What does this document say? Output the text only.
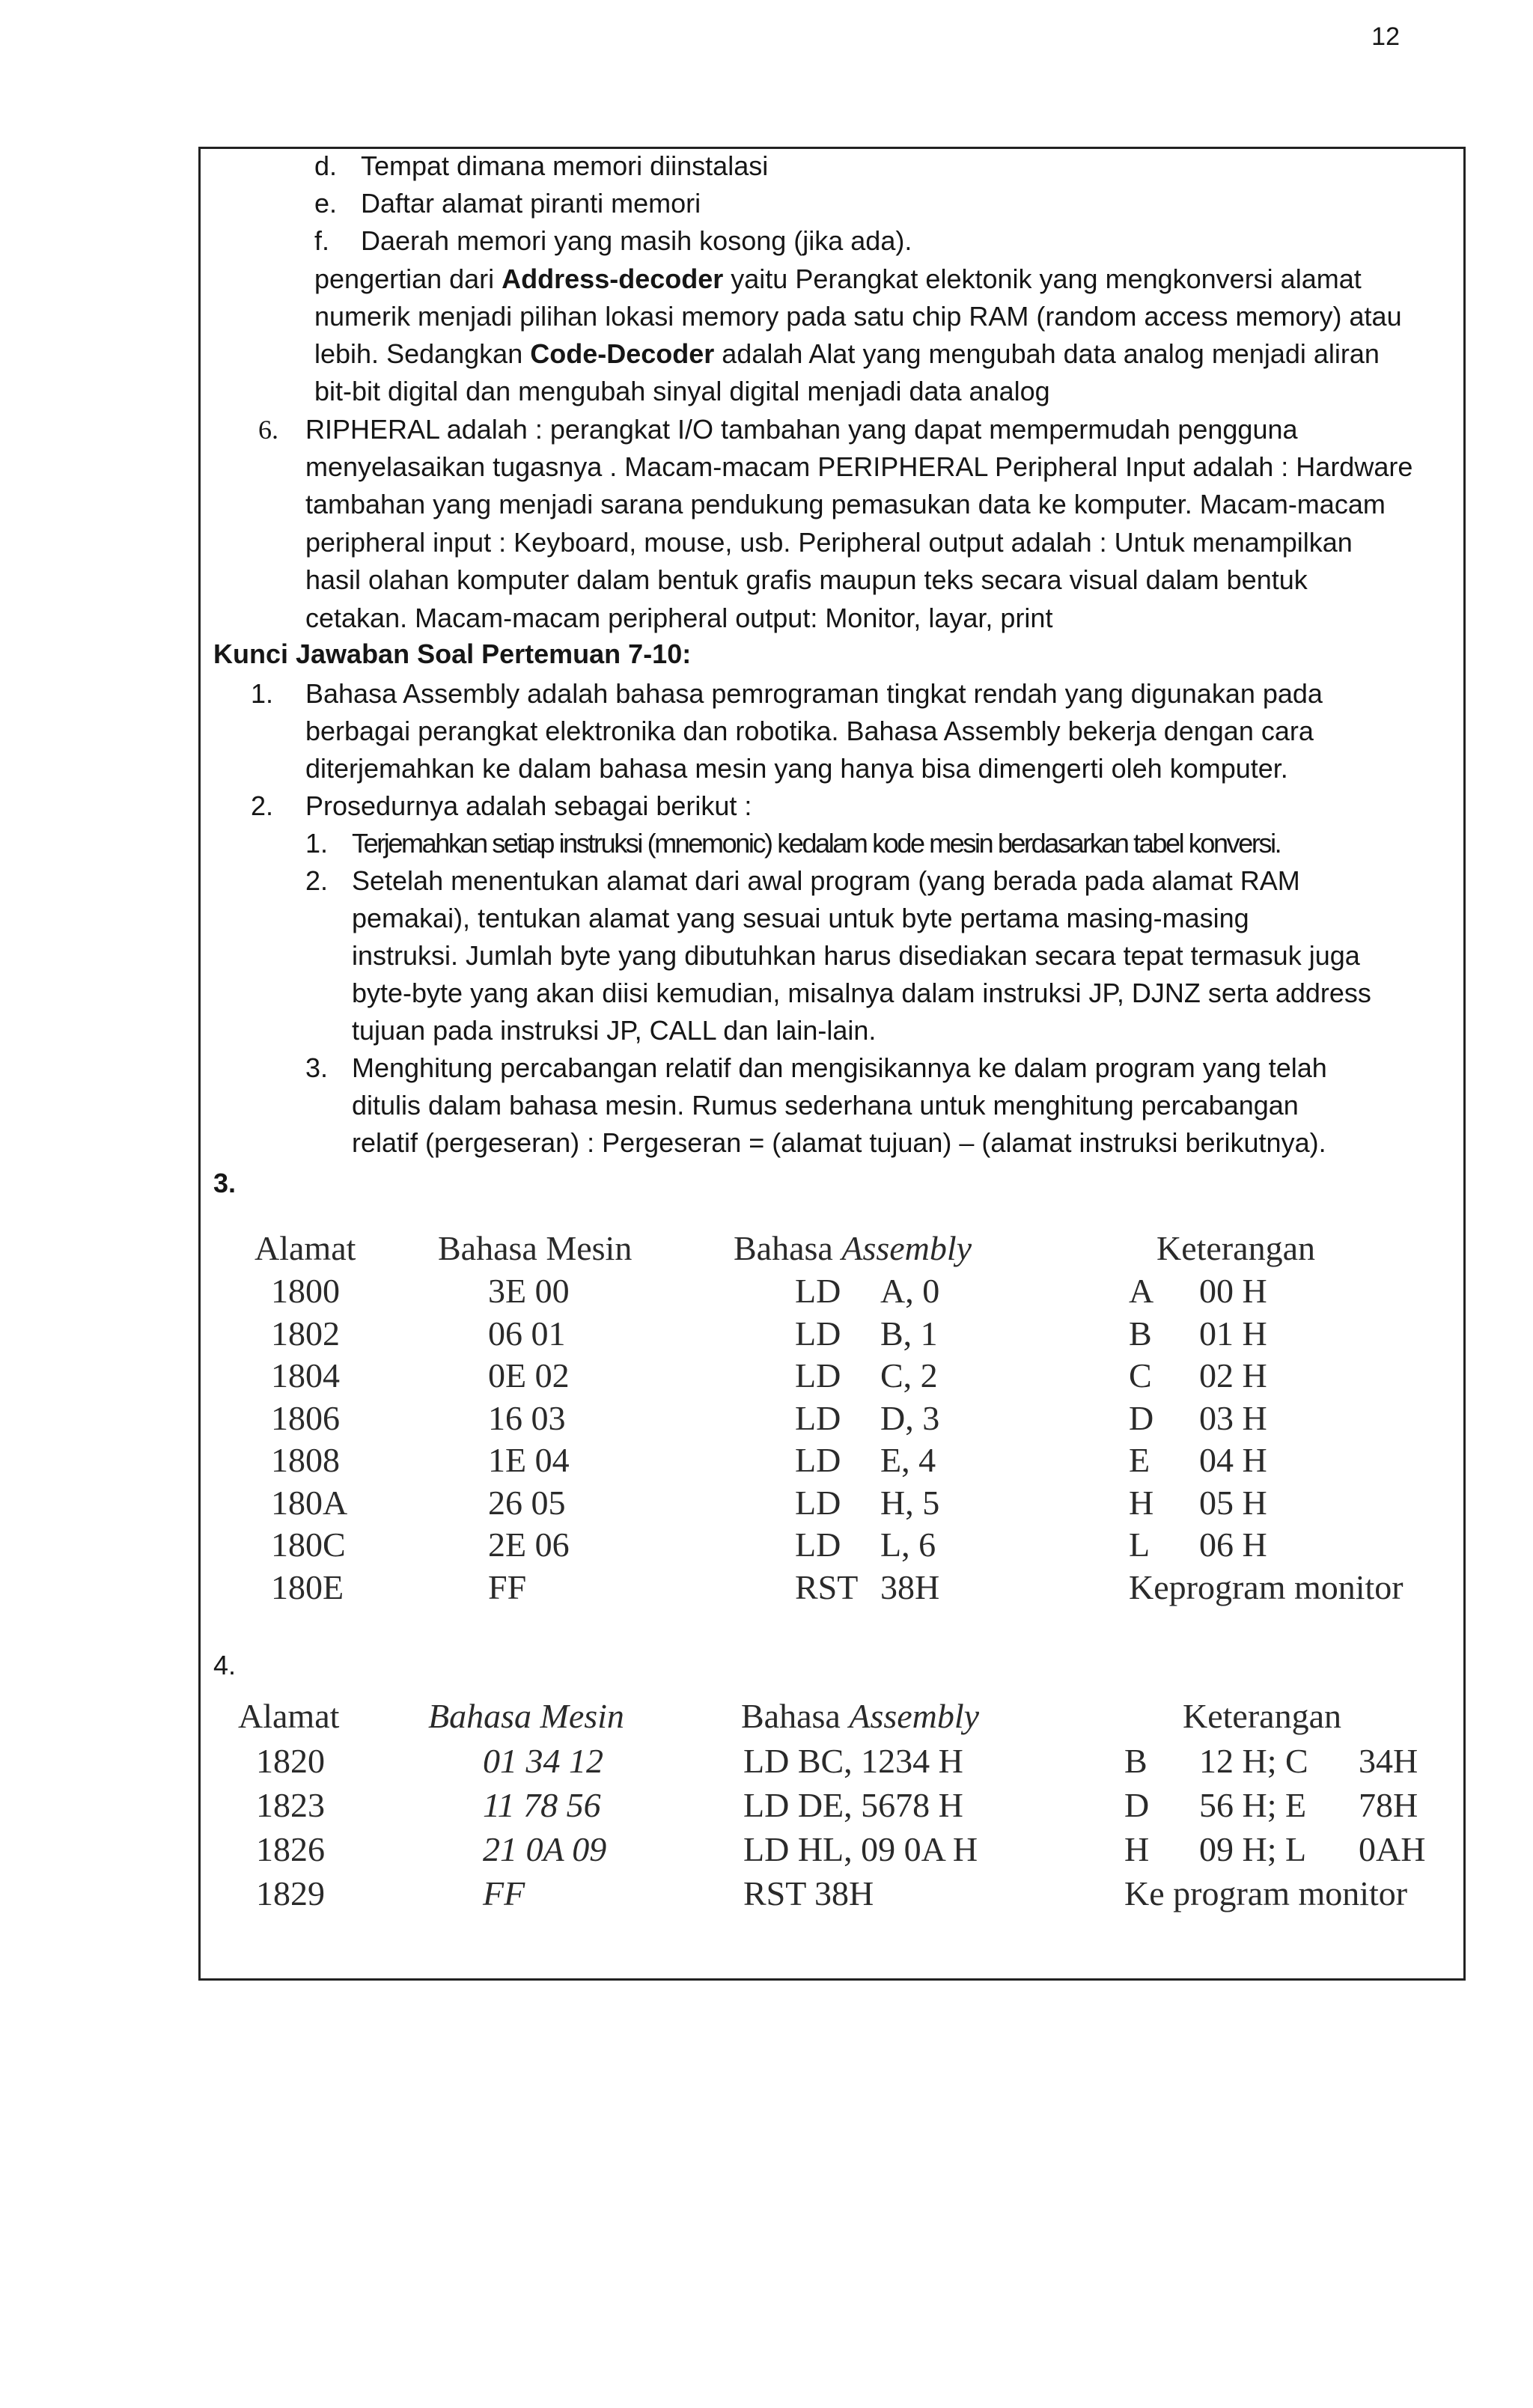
12
d. Tempat dimana memori diinstalasi
e. Daftar alamat piranti memori
f. Daerah memori yang masih kosong (jika ada).
pengertian dari Address-decoder yaitu Perangkat elektonik yang mengkonversi alamat
numerik menjadi pilihan lokasi memory pada satu chip RAM (random access memory) atau
lebih. Sedangkan Code-Decoder adalah Alat yang mengubah data analog menjadi aliran
bit-bit digital dan mengubah sinyal digital menjadi data analog
6. RIPHERAL adalah : perangkat I/O tambahan yang dapat mempermudah pengguna
menyelasaikan tugasnya . Macam-macam PERIPHERAL Peripheral Input adalah : Hardware
tambahan yang menjadi sarana pendukung pemasukan data ke komputer. Macam-macam
peripheral input : Keyboard, mouse, usb. Peripheral output adalah : Untuk menampilkan
hasil olahan komputer dalam bentuk grafis maupun teks secara visual dalam bentuk
cetakan. Macam-macam peripheral output: Monitor, layar, print
Kunci Jawaban Soal Pertemuan 7-10:
1. Bahasa Assembly adalah bahasa pemrograman tingkat rendah yang digunakan pada
berbagai perangkat elektronika dan robotika. Bahasa Assembly bekerja dengan cara
diterjemahkan ke dalam bahasa mesin yang hanya bisa dimengerti oleh komputer.
2. Prosedurnya adalah sebagai berikut :
1. Terjemahkan setiap instruksi (mnemonic) kedalam kode mesin berdasarkan tabel konversi.
2. Setelah menentukan alamat dari awal program (yang berada pada alamat RAM
pemakai), tentukan alamat yang sesuai untuk byte pertama masing-masing
instruksi. Jumlah byte yang dibutuhkan harus disediakan secara tepat termasuk juga
byte-byte yang akan diisi kemudian, misalnya dalam instruksi JP, DJNZ serta address
tujuan pada instruksi JP, CALL dan lain-lain.
3. Menghitung percabangan relatif dan mengisikannya ke dalam program yang telah
ditulis dalam bahasa mesin. Rumus sederhana untuk menghitung percabangan
relatif (pergeseran) : Pergeseran = (alamat tujuan) – (alamat instruksi berikutnya).
3.
Alamat Bahasa Mesin	Bahasa Assembly	Keterangan
1800	3E 00	LD A, 0	A 00 H
1802	06 01	LD B, 1	B 01 H
1804	0E 02	LD C, 2	C 02 H
1806	16 03	LD D, 3	D 03 H
1808	1E 04	LD E, 4	E 04 H
180A	26 05	LD H, 5	H 05 H
180C	2E 06	LD L, 6	L 06 H
180E	FF	RST 38H	Keprogram monitor
4.
Alamat	Bahasa Mesin	Bahasa Assembly	Keterangan
1820	01 34 12	LD BC, 1234 H	B 12 H; C 34H
1823	11 78 56	LD DE, 5678 H	D 56 H; E 78H
1826	21 0A 09	LD HL, 09 0A H	H 09 H; L 0AH
1829	FF	RST 38H	Ke program monitor
